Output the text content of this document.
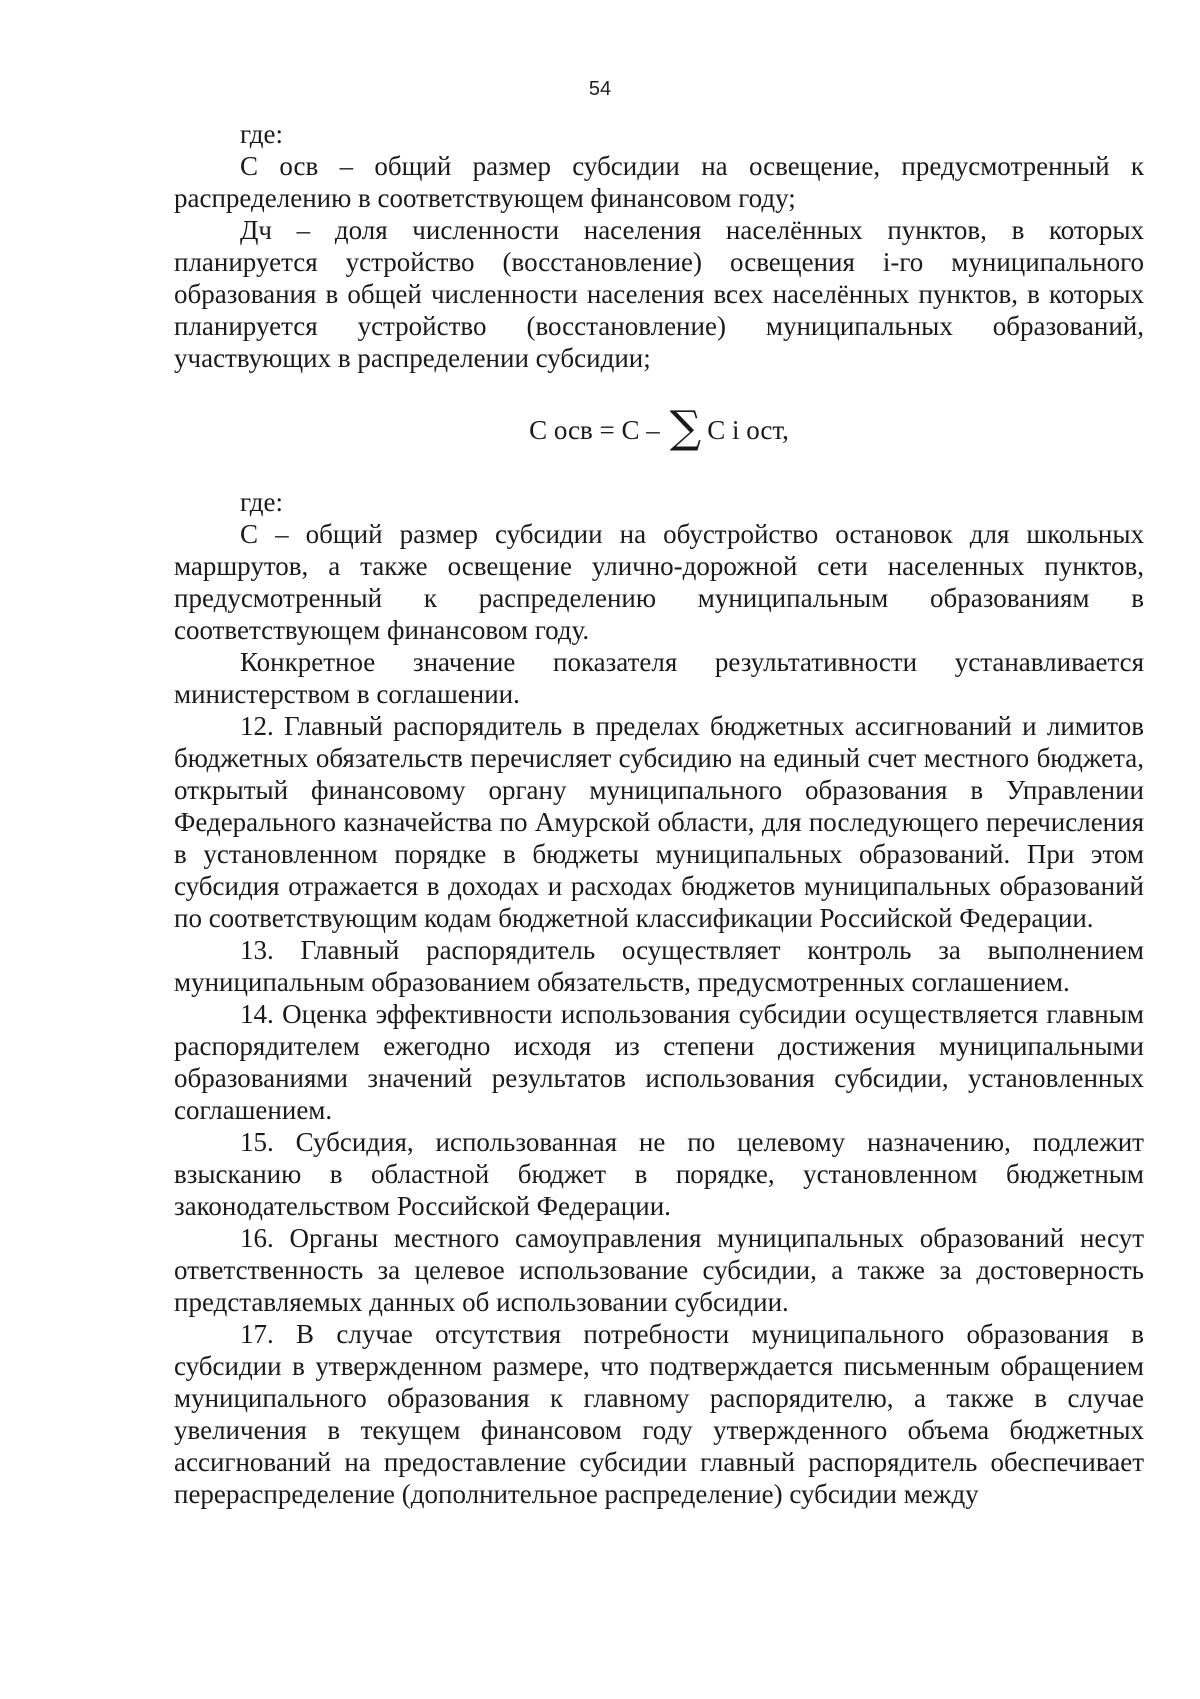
54

где:

С осв – общий размер субсидии на освещение, предусмотренный к распределению в соответствующем финансовом году;

Дч – доля численности населения населённых пунктов, в которых планируется устройство (восстановление) освещения i-го муниципального образования в общей численности населения всех населённых пунктов, в которых планируется устройство (восстановление) муниципальных образований, участвующих в распределении субсидии;

С осв = С – ∑ С i ост,

где:

С – общий размер субсидии на обустройство остановок для школьных маршрутов, а также освещение улично-дорожной сети населенных пунктов, предусмотренный к распределению муниципальным образованиям в соответствующем финансовом году.

Конкретное значение показателя результативности устанавливается министерством в соглашении.

12. Главный распорядитель в пределах бюджетных ассигнований и лимитов бюджетных обязательств перечисляет субсидию на единый счет местного бюджета, открытый финансовому органу муниципального образования в Управлении Федерального казначейства по Амурской области, для последующего перечисления в установленном порядке в бюджеты муниципальных образований. При этом субсидия отражается в доходах и расходах бюджетов муниципальных образований по соответствующим кодам бюджетной классификации Российской Федерации.

13. Главный распорядитель осуществляет контроль за выполнением муниципальным образованием обязательств, предусмотренных соглашением.

14. Оценка эффективности использования субсидии осуществляется главным распорядителем ежегодно исходя из степени достижения муниципальными образованиями значений результатов использования субсидии, установленных соглашением.

15. Субсидия, использованная не по целевому назначению, подлежит взысканию в областной бюджет в порядке, установленном бюджетным законодательством Российской Федерации.

16. Органы местного самоуправления муниципальных образований несут ответственность за целевое использование субсидии, а также за достоверность представляемых данных об использовании субсидии.

17. В случае отсутствия потребности муниципального образования в субсидии в утвержденном размере, что подтверждается письменным обращением муниципального образования к главному распорядителю, а также в случае увеличения в текущем финансовом году утвержденного объема бюджетных ассигнований на предоставление субсидии главный распорядитель обеспечивает перераспределение (дополнительное распределение) субсидии между
